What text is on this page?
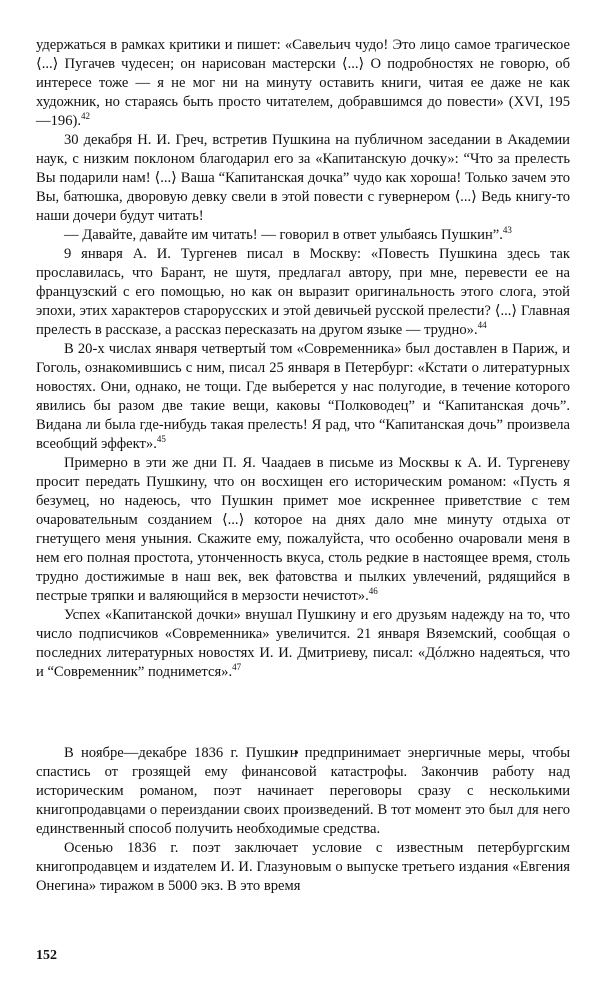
удержаться в рамках критики и пишет: «Савельич чудо! Это лицо самое трагическое ⟨...⟩ Пугачев чудесен; он нарисован мастерски ⟨...⟩ О подробностях не говорю, об интересе тоже — я не мог ни на минуту оставить книги, читая ее даже не как художник, но стараясь быть просто читателем, добравшимся до повести» (XVI, 195—196).$^{42}$

30 декабря Н. И. Греч, встретив Пушкина на публичном заседании в Академии наук, с низким поклоном благодарил его за «Капитанскую дочку»: “Что за прелесть Вы подарили нам! ⟨...⟩ Ваша “Капитанская дочка” чудо как хороша! Только зачем это Вы, батюшка, дворовую девку свели в этой повести с гувернером ⟨...⟩ Ведь книгу-то наши дочери будут читать!

— Давайте, давайте им читать! — говорил в ответ улыбаясь Пушкин”.$^{43}$

9 января А. И. Тургенев писал в Москву: «Повесть Пушкина здесь так прославилась, что Барант, не шутя, предлагал автору, при мне, перевести ее на французский с его помощью, но как он выразит оригинальность этого слога, этой эпохи, этих характеров старорусских и этой девичьей русской прелести? ⟨...⟩ Главная прелесть в рассказе, а рассказ пересказать на другом языке — трудно».$^{44}$

В 20-х числах января четвертый том «Современника» был доставлен в Париж, и Гоголь, ознакомившись с ним, писал 25 января в Петербург: «Кстати о литературных новостях. Они, однако, не тощи. Где выберется у нас полугодие, в течение которого явились бы разом две такие вещи, каковы “Полководец” и “Капитанская дочь”. Видана ли была где-нибудь такая прелесть! Я рад, что “Капитанская дочь” произвела всеобщий эффект».$^{45}$

Примерно в эти же дни П. Я. Чаадаев в письме из Москвы к А. И. Тургеневу просит передать Пушкину, что он восхищен его историческим романом: «Пусть я безумец, но надеюсь, что Пушкин примет мое искреннее приветствие с тем очаровательным созданием ⟨...⟩ которое на днях дало мне минуту отдыха от гнетущего меня уныния. Скажите ему, пожалуйста, что особенно очаровали меня в нем его полная простота, утонченность вкуса, столь редкие в настоящее время, столь трудно достижимые в наш век, век фатовства и пылких увлечений, рядящийся в пестрые тряпки и валяющийся в мерзости нечистот».$^{46}$

Успех «Капитанской дочки» внушал Пушкину и его друзьям надежду на то, что число подписчиков «Современника» увеличится. 21 января Вяземский, сообщая о последних литературных новостях И. И. Дмитриеву, писал: «Дóлжно надеяться, что и “Современник” поднимется».$^{47}$

В ноябре—декабре 1836 г. Пушкин предпринимает энергичные меры, чтобы спастись от грозящей ему финансовой катастрофы. Закончив работу над историческим романом, поэт начинает переговоры сразу с несколькими книгопродавцами о переиздании своих произведений. В тот момент это был для него единственный способ получить необходимые средства.

Осенью 1836 г. поэт заключает условие с известным петербургским книгопродавцем и издателем И. И. Глазуновым о выпуске третьего издания «Евгения Онегина» тиражом в 5000 экз. В это время

152
